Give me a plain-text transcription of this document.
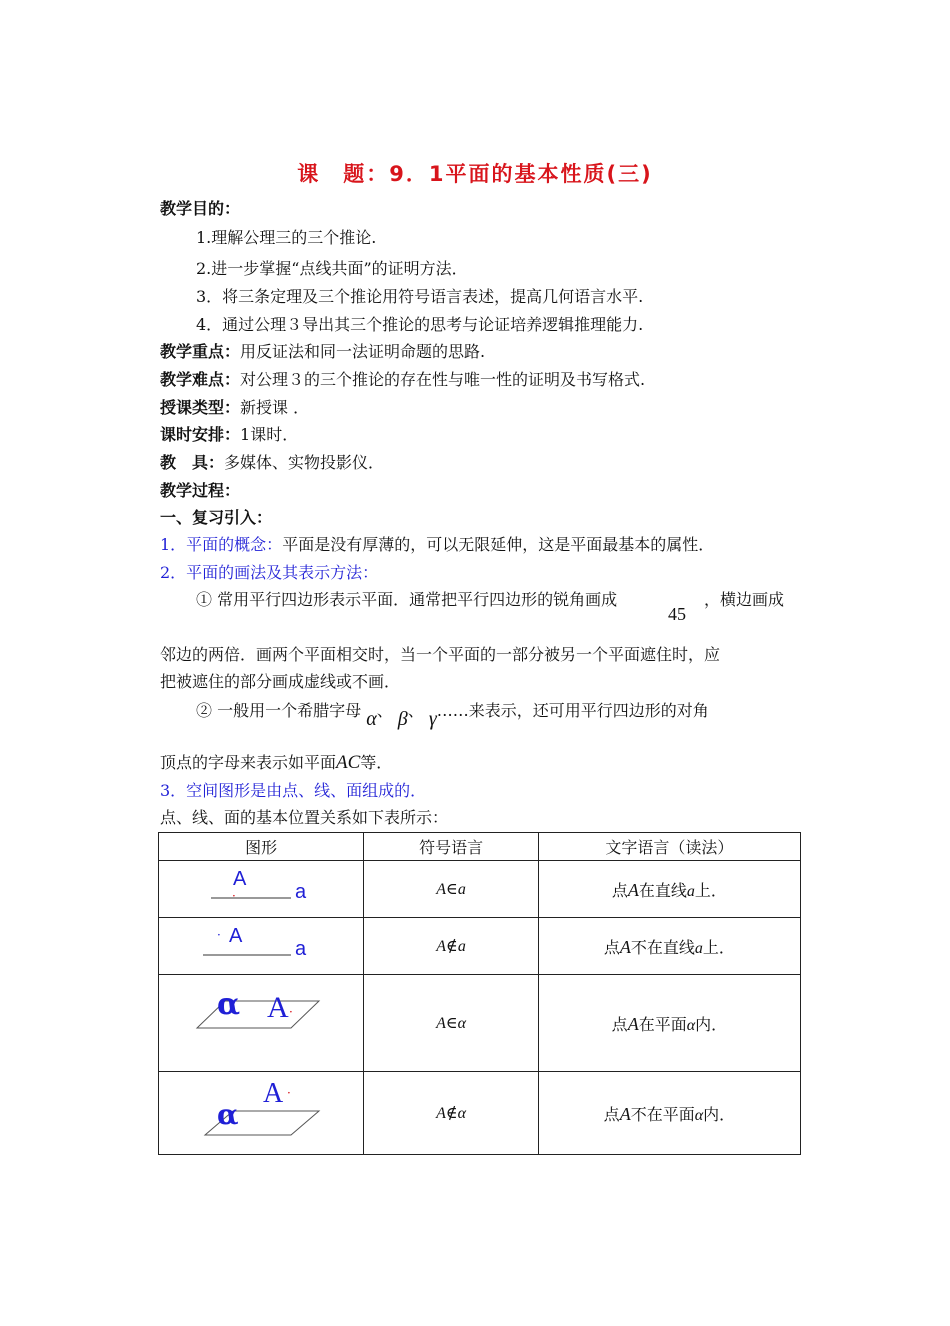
课　题：9．1平面的基本性质(三)
教学目的：
1.理解公理三的三个推论.
2.进一步掌握“点线共面”的证明方法．
3．将三条定理及三个推论用符号语言表述，提高几何语言水平.
4．通过公理３导出其三个推论的思考与论证培养逻辑推理能力.
教学重点：用反证法和同一法证明命题的思路.
教学难点：对公理３的三个推论的存在性与唯一性的证明及书写格式.
授课类型：新授课 ．
课时安排：1课时．
教　具：多媒体、实物投影仪．
教学过程：
一、复习引入：
1．平面的概念：平面是没有厚薄的，可以无限延伸，这是平面最基本的属性．
2．平面的画法及其表示方法：
① 常用平行四边形表示平面．通常把平行四边形的锐角画成
45
，横边画成
邻边的两倍．画两个平面相交时，当一个平面的一部分被另一个平面遮住时，应
把被遮住的部分画成虚线或不画．
② 一般用一个希腊字母 α、 β、 γ……来表示，还可用平行四边形的对角
顶点的字母来表示如平面AC等．
3．空间图形是由点、线、面组成的．
点、线、面的基本位置关系如下表所示：
图形	符号语言	文字语言（读法）

A
· a	A∈a	点A在直线a上．

· A
a	A∉a	点A不在直线a上．

α A ·	A∈α	点A在平面α内．

α
A ·	A∉α	点A不在平面α内．
